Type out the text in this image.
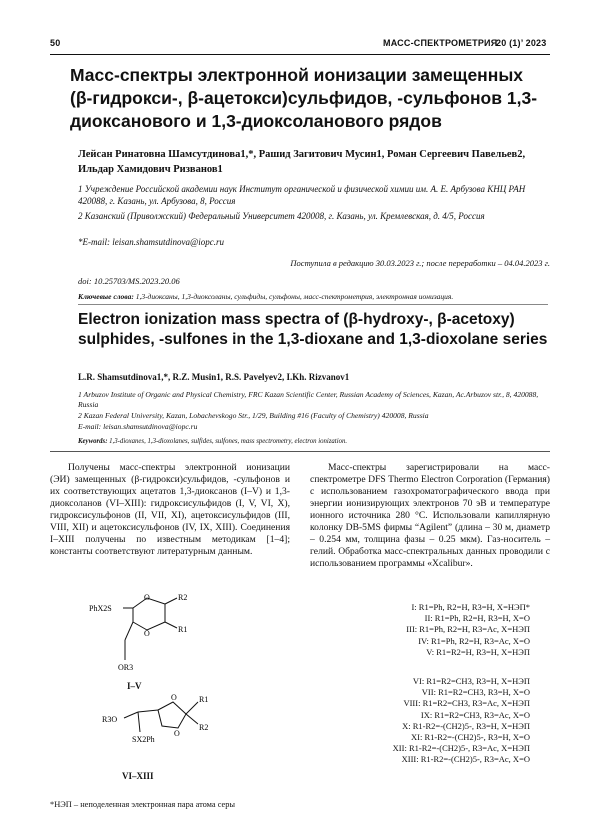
50	МАСС-СПЕКТРОМЕТРИЯ
20 (1)’ 2023
Масс-спектры электронной ионизации замещенных (β-гидрокси-, β-ацетокси)сульфидов, -сульфонов 1,3-диоксанового и 1,3-диоксоланового рядов
Лейсан Ринатовна Шамсутдинова1,*, Рашид Загитович Мусин1, Роман Сергеевич Павельев2, Ильдар Хамидович Ризванов1
1 Учреждение Российской академии наук Институт органической и физической химии им. А. Е. Арбузова КНЦ РАН 420088, г. Казань, ул. Арбузова, 8, Россия
2 Казанский (Приволжский) Федеральный Университет 420008, г. Казань, ул. Кремлевская, д. 4/5, Россия
*E-mail: leisan.shamsutdinova@iopc.ru
Поступила в редакцию 30.03.2023 г.; после переработки – 04.04.2023 г.
doi: 10.25703/MS.2023.20.06
Ключевые слова: 1,3-диоксаны, 1,3-диоксоланы, сульфиды, сульфоны, масс-спектрометрия, электронная ионизация.
Electron ionization mass spectra of (β-hydroxy-, β-acetoxy) sulphides, -sulfones in the 1,3-dioxane and 1,3-dioxolane series
L.R. Shamsutdinova1,*, R.Z. Musin1, R.S. Pavelyev2, I.Kh. Rizvanov1
1 Arbuzov Institute of Organic and Physical Chemistry, FRC Kazan Scientific Center, Russian Academy of Sciences, Kazan, Ac.Arbuzov str., 8, 420088, Russia
2 Kazan Federal University, Kazan, Lobachevskogo Str., 1/29, Building #16 (Faculty of Chemistry) 420008, Russia
E-mail: leisan.shamsutdinova@iopc.ru
Keywords: 1,3-dioxanes, 1,3-dioxolanes, sulfides, sulfones, mass spectrometry, electron ionization.
Получены масс-спектры электронной ионизации (ЭИ) замещенных (β-гидрокси)сульфидов, -сульфонов и их соответствующих ацетатов 1,3-диоксанов (I–V) и 1,3-диоксоланов (VI–XIII): гидроксисульфидов (I, V, VI, X), гидроксисульфонов (II, VII, XI), ацетоксисульфидов (III, VIII, XII) и ацетоксисульфонов (IV, IX, XIII). Соединения I–XIII получены по известным методикам [1–4]; константы соответствуют литературным данным.
Масс-спектры зарегистрировали на масс-спектрометре DFS Thermo Electron Corporation (Германия) с использованием газохроматографического ввода при энергии ионизирующих электронов 70 эВ и температуре ионного источника 280 °С. Использовали капиллярную колонку DB-5MS фирмы “Agilent” (длина – 30 м, диаметр – 0.254 мм, толщина фазы – 0.25 мкм). Газ-носитель – гелий. Обработка масс-спектральных данных проводили с использованием программы «Xcalibur».
O
O
PhX2S
R2
R1
OR3
I–V
O
O
R1
R2
R3O
SX2Ph
VI–XIII
I: R1=Ph, R2=H, R3=H, X=НЭП*
II: R1=Ph, R2=H, R3=H, X=O
III: R1=Ph, R2=H, R3=Ac, X=НЭП
IV: R1=Ph, R2=H, R3=Ac, X=O
V: R1=R2=H, R3=H, X=НЭП
VI: R1=R2=CH3, R3=H, X=НЭП
VII: R1=R2=CH3, R3=H, X=O
VIII: R1=R2=CH3, R3=Ac, X=НЭП
IX: R1=R2=CH3, R3=Ac, X=O
X: R1-R2=-(CH2)5-, R3=H, X=НЭП
XI: R1-R2=-(CH2)5-, R3=H, X=O
XII: R1-R2=-(CH2)5-, R3=Ac, X=НЭП
XIII: R1-R2=-(CH2)5-, R3=Ac, X=O
*НЭП – неподеленная электронная пара атома серы
